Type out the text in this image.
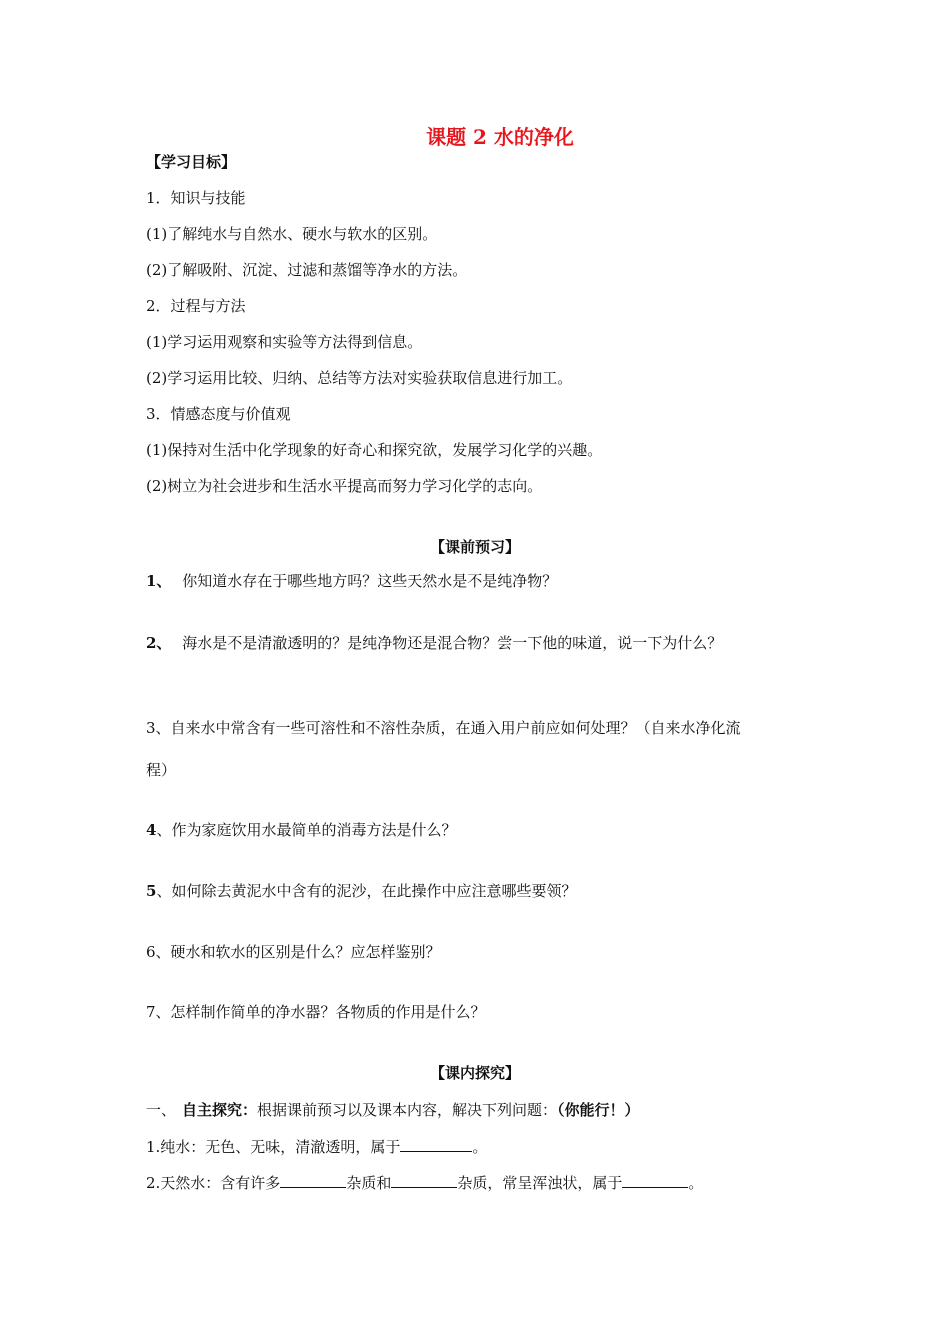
课题 2 水的净化
【学习目标】
1．知识与技能
(1)了解纯水与自然水、硬水与软水的区别。
(2)了解吸附、沉淀、过滤和蒸馏等净水的方法。
2．过程与方法
(1)学习运用观察和实验等方法得到信息。
(2)学习运用比较、归纳、总结等方法对实验获取信息进行加工。
3．情感态度与价值观
(1)保持对生活中化学现象的好奇心和探究欲，发展学习化学的兴趣。
(2)树立为社会进步和生活水平提高而努力学习化学的志向。
【课前预习】
1、 你知道水存在于哪些地方吗？这些天然水是不是纯净物？
2、 海水是不是清澈透明的？是纯净物还是混合物？尝一下他的味道，说一下为什么？
3、自来水中常含有一些可溶性和不溶性杂质，在通入用户前应如何处理？（自来水净化流
程）
4、作为家庭饮用水最简单的消毒方法是什么？
5、如何除去黄泥水中含有的泥沙，在此操作中应注意哪些要领？
6、硬水和软水的区别是什么？应怎样鉴别？
7、怎样制作简单的净水器？各物质的作用是什么？
【课内探究】
一、 自主探究：根据课前预习以及课本内容，解决下列问题：（你能行！）
1.纯水：无色、无味，清澈透明，属于	。
2.天然水：含有许多	杂质和	杂质，常呈浑浊状，属于	。
